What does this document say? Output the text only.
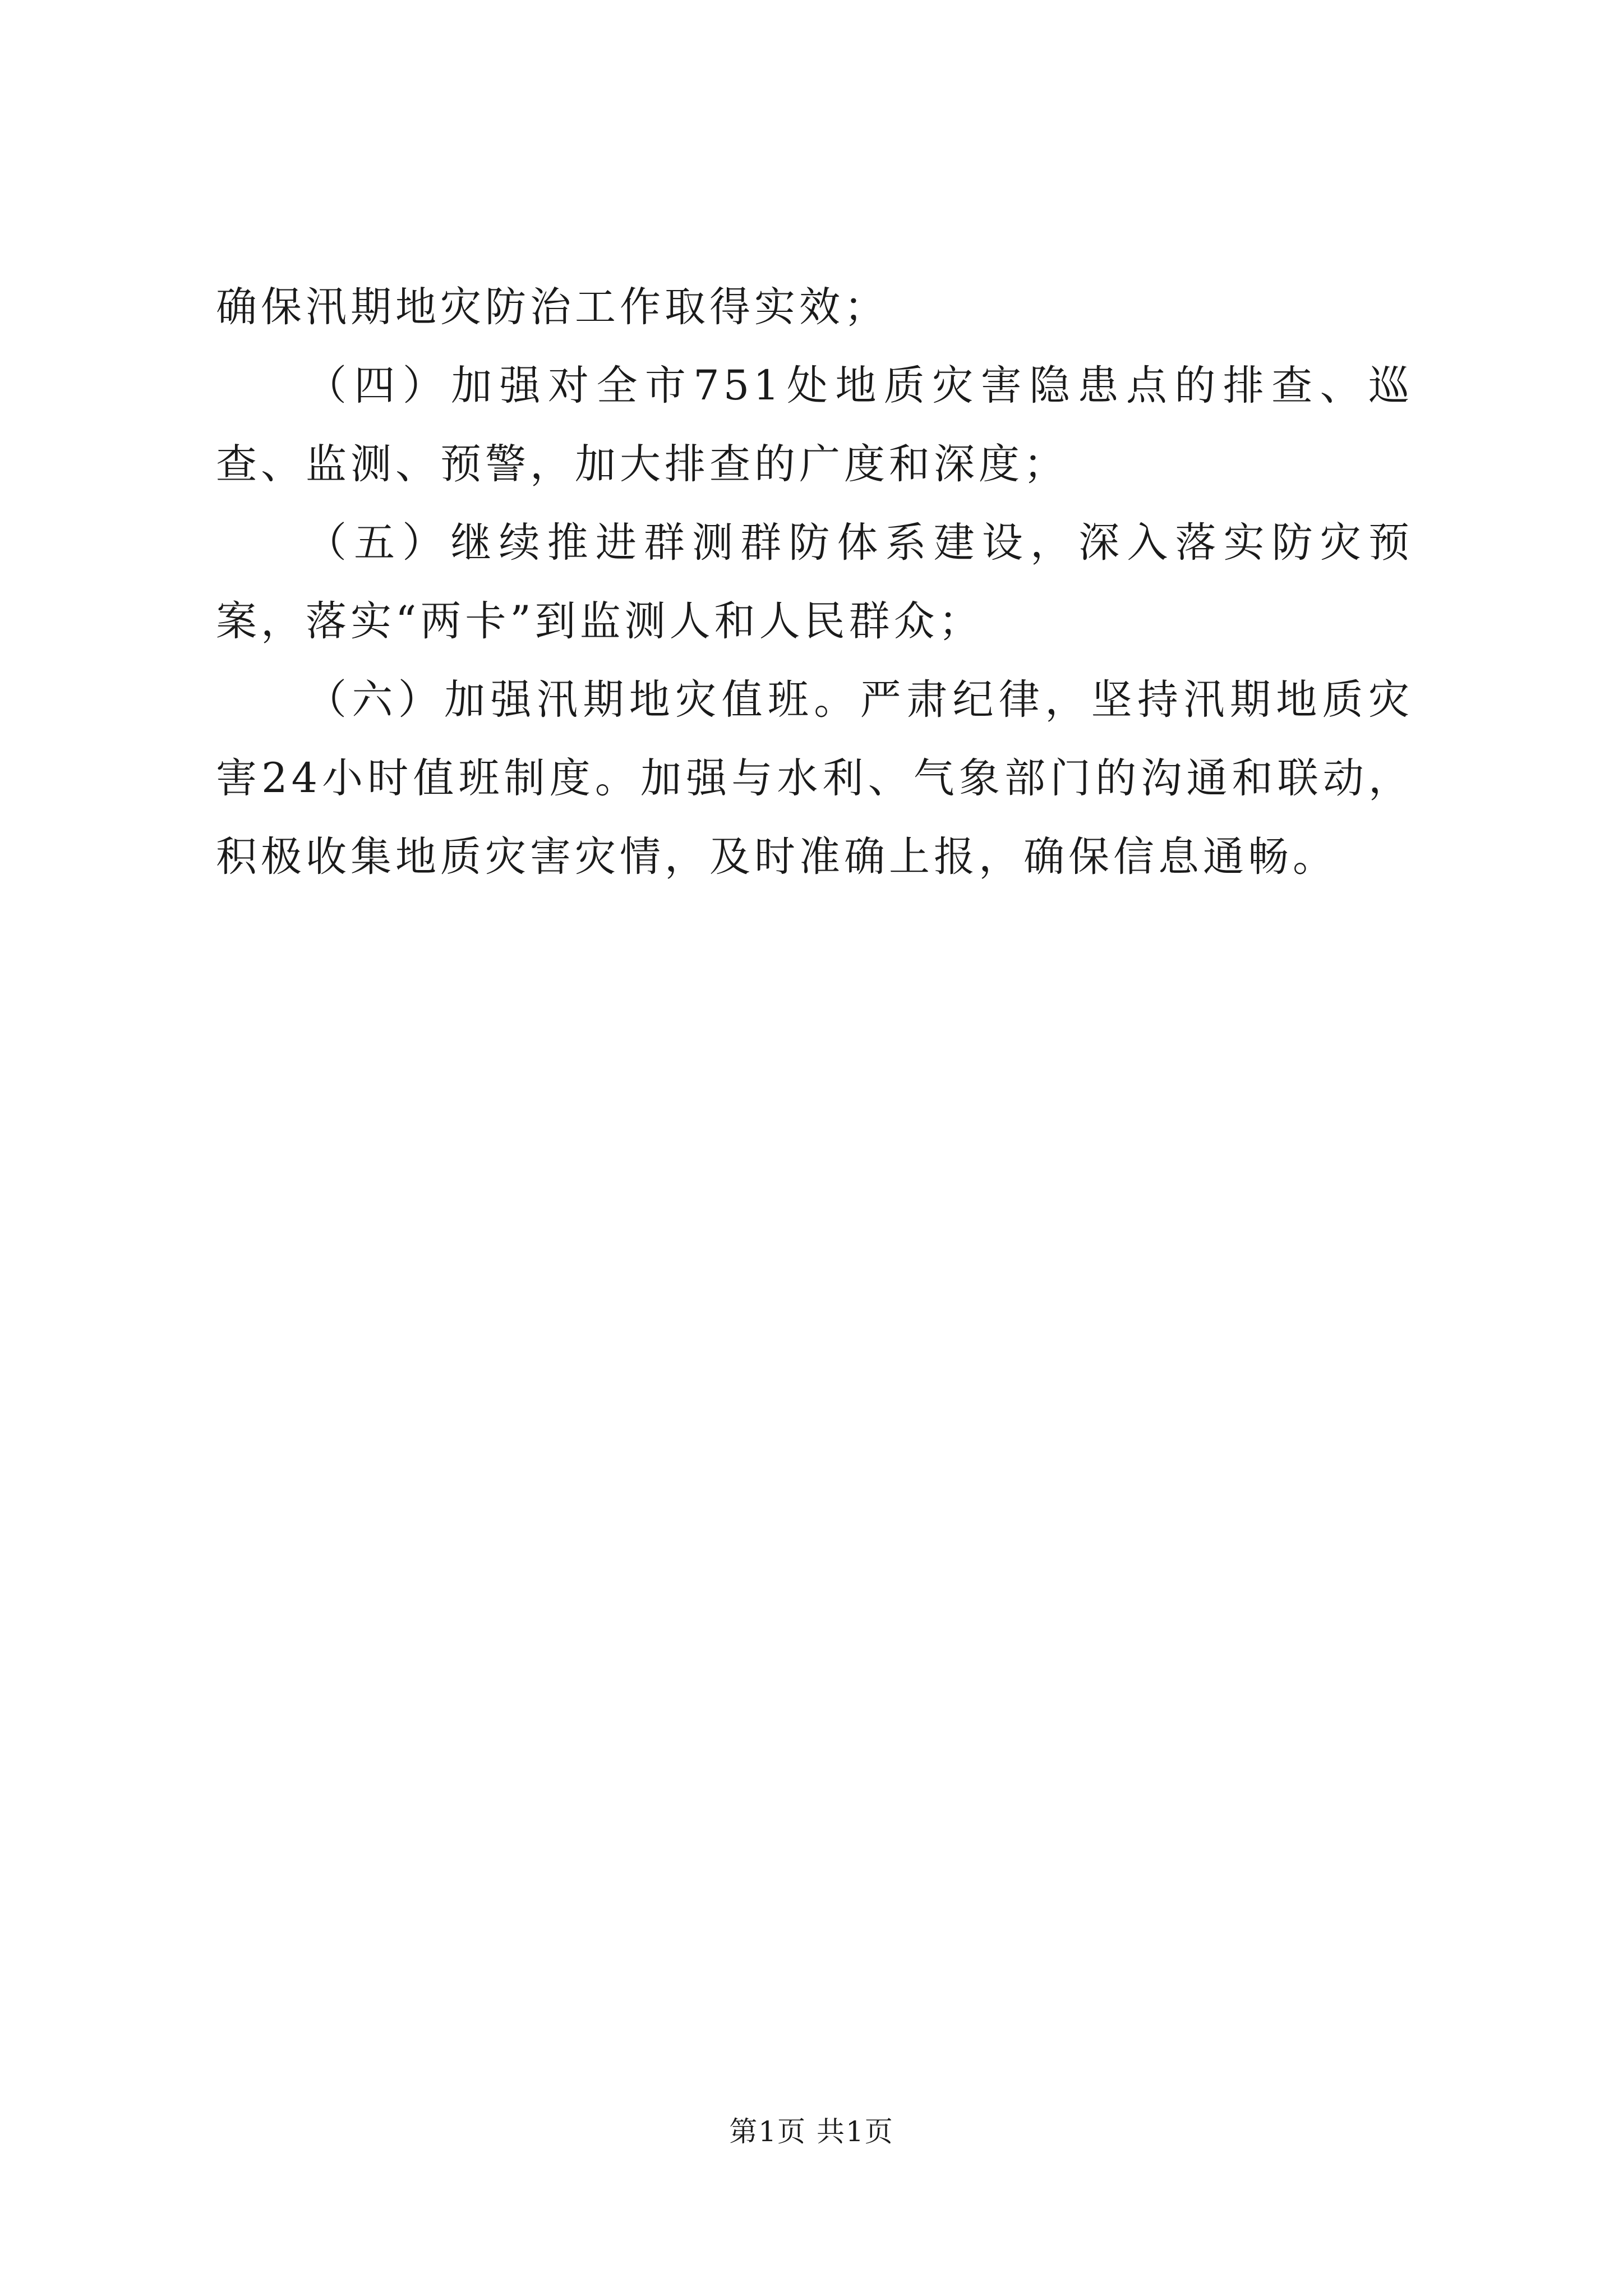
确保汛期地灾防治工作取得实效；

（四）加强对全市751处地质灾害隐患点的排查、巡查、监测、预警，加大排查的广度和深度；

（五）继续推进群测群防体系建设，深入落实防灾预案，落实“两卡”到监测人和人民群众；

（六）加强汛期地灾值班。严肃纪律，坚持汛期地质灾害24小时值班制度。加强与水利、气象部门的沟通和联动，积极收集地质灾害灾情，及时准确上报，确保信息通畅。

第1页 共1页
